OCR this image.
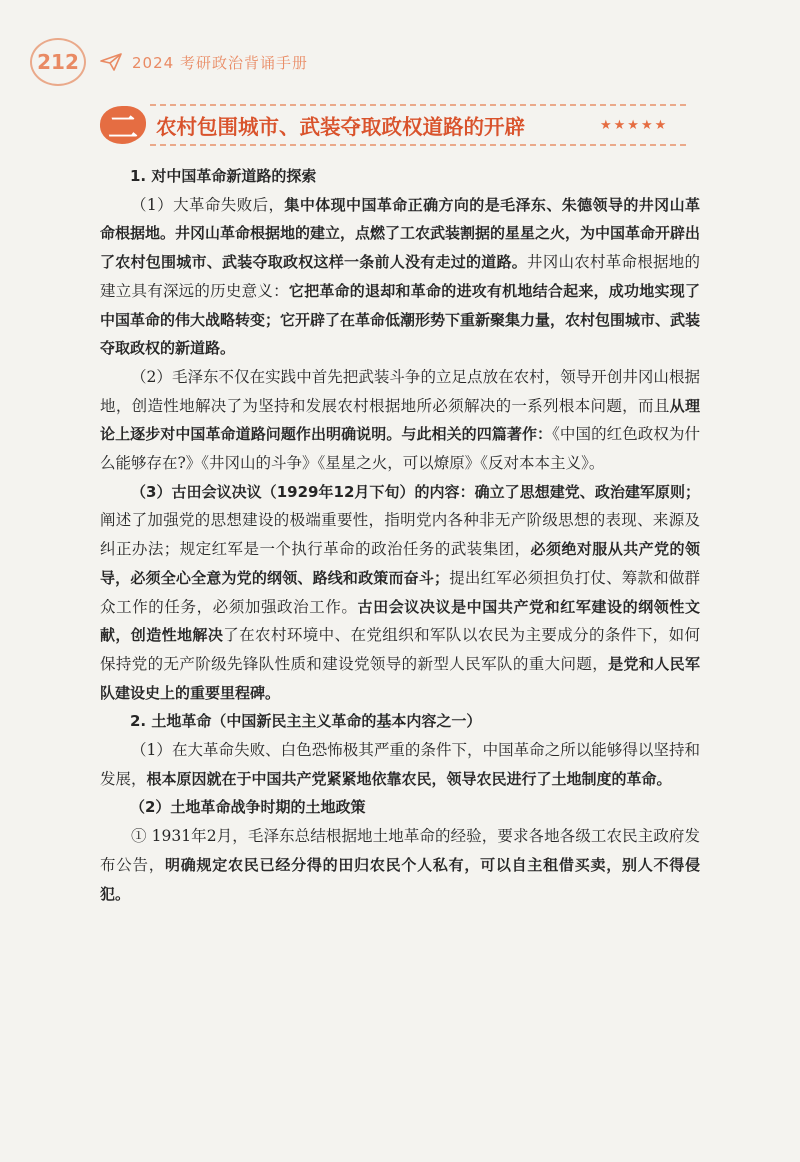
212	2024 考研政治背诵手册
二 农村包围城市、武装夺取政权道路的开辟	★★★★★

1. 对中国革命新道路的探索

（1）大革命失败后，集中体现中国革命正确方向的是毛泽东、朱德领导的井冈山革命根据地。井冈山革命根据地的建立，点燃了工农武装割据的星星之火，为中国革命开辟出了农村包围城市、武装夺取政权这样一条前人没有走过的道路。井冈山农村革命根据地的建立具有深远的历史意义：它把革命的退却和革命的进攻有机地结合起来，成功地实现了中国革命的伟大战略转变；它开辟了在革命低潮形势下重新聚集力量，农村包围城市、武装夺取政权的新道路。

（2）毛泽东不仅在实践中首先把武装斗争的立足点放在农村，领导开创井冈山根据地，创造性地解决了为坚持和发展农村根据地所必须解决的一系列根本问题，而且从理论上逐步对中国革命道路问题作出明确说明。与此相关的四篇著作：《中国的红色政权为什么能够存在?》《井冈山的斗争》《星星之火，可以燎原》《反对本本主义》。

（3）古田会议决议（1929年12月下旬）的内容：确立了思想建党、政治建军原则；阐述了加强党的思想建设的极端重要性，指明党内各种非无产阶级思想的表现、来源及纠正办法；规定红军是一个执行革命的政治任务的武装集团，必须绝对服从共产党的领导，必须全心全意为党的纲领、路线和政策而奋斗；提出红军必须担负打仗、筹款和做群众工作的任务，必须加强政治工作。古田会议决议是中国共产党和红军建设的纲领性文献，创造性地解决了在农村环境中、在党组织和军队以农民为主要成分的条件下，如何保持党的无产阶级先锋队性质和建设党领导的新型人民军队的重大问题，是党和人民军队建设史上的重要里程碑。

2. 土地革命（中国新民主主义革命的基本内容之一）

（1）在大革命失败、白色恐怖极其严重的条件下，中国革命之所以能够得以坚持和发展，根本原因就在于中国共产党紧紧地依靠农民，领导农民进行了土地制度的革命。

（2）土地革命战争时期的土地政策

① 1931年2月，毛泽东总结根据地土地革命的经验，要求各地各级工农民主政府发布公告，明确规定农民已经分得的田归农民个人私有，可以自主租借买卖，别人不得侵犯。
